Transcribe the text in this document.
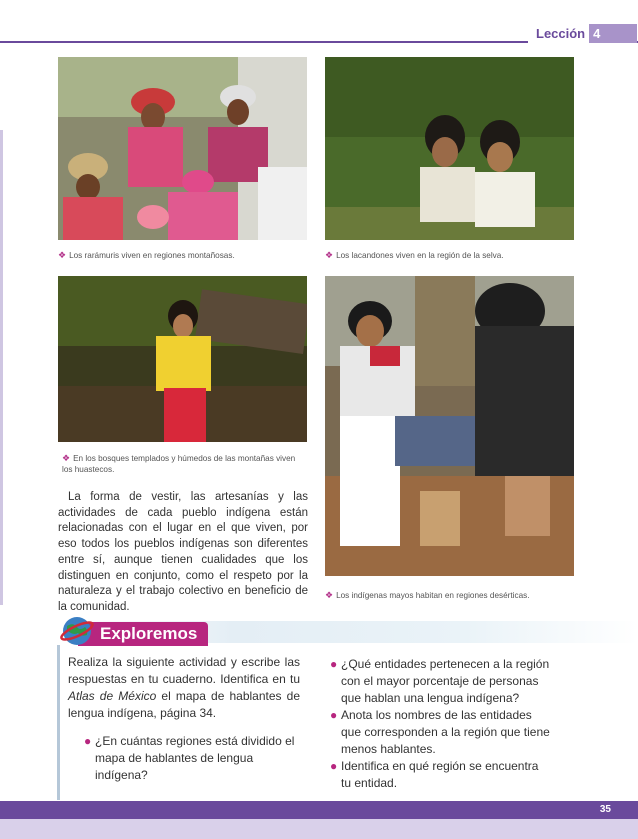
Lección 4
❖ Los rarámuris viven en regiones montañosas.	❖ Los lacandones viven en la región de la selva.
❖ En los bosques templados y húmedos de las montañas viven los huastecos.
❖ Los indígenas mayos habitan en regiones desérticas.

La forma de vestir, las artesanías y las actividades de cada pueblo indígena están relacionadas con el lugar en el que viven, por eso todos los pueblos indígenas son diferentes entre sí, aunque tienen cualidades que los distinguen en conjunto, como el respeto por la naturaleza y el trabajo colectivo en beneficio de la comunidad.

Exploremos

Realiza la siguiente actividad y escribe las respuestas en tu cuaderno. Identifica en tu Atlas de México el mapa de hablantes de lengua indígena, página 34.

● ¿En cuántas regiones está dividido el mapa de hablantes de lengua indígena?
● ¿Qué entidades pertenecen a la región con el mayor porcentaje de personas que hablan una lengua indígena?
● Anota los nombres de las entidades que corresponden a la región que tiene menos hablantes.
● Identifica en qué región se encuentra tu entidad.
35
